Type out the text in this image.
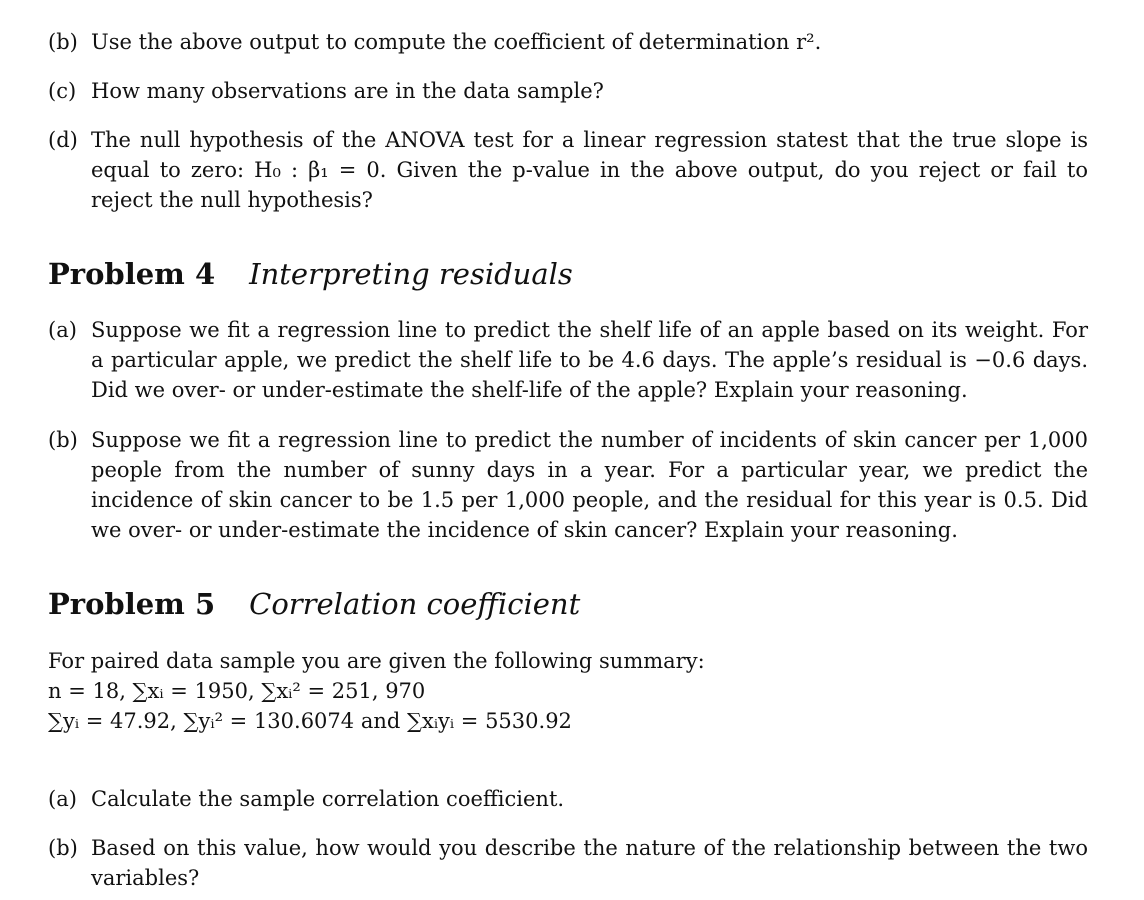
(b) Use the above output to compute the coefficient of determination r².
(c) How many observations are in the data sample?
(d) The null hypothesis of the ANOVA test for a linear regression statest that the true slope is equal to zero: H₀ : β₁ = 0. Given the p-value in the above output, do you reject or fail to reject the null hypothesis?
Problem 4 Interpreting residuals
(a) Suppose we fit a regression line to predict the shelf life of an apple based on its weight. For a particular apple, we predict the shelf life to be 4.6 days. The apple’s residual is −0.6 days. Did we over- or under-estimate the shelf-life of the apple? Explain your reasoning.
(b) Suppose we fit a regression line to predict the number of incidents of skin cancer per 1,000 people from the number of sunny days in a year. For a particular year, we predict the incidence of skin cancer to be 1.5 per 1,000 people, and the residual for this year is 0.5. Did we over- or under-estimate the incidence of skin cancer? Explain your reasoning.
Problem 5 Correlation coefficient
For paired data sample you are given the following summary:
n = 18, ∑xᵢ = 1950, ∑xᵢ² = 251, 970
∑yᵢ = 47.92, ∑yᵢ² = 130.6074 and ∑xᵢyᵢ = 5530.92
(a) Calculate the sample correlation coefficient.
(b) Based on this value, how would you describe the nature of the relationship between the two variables?
